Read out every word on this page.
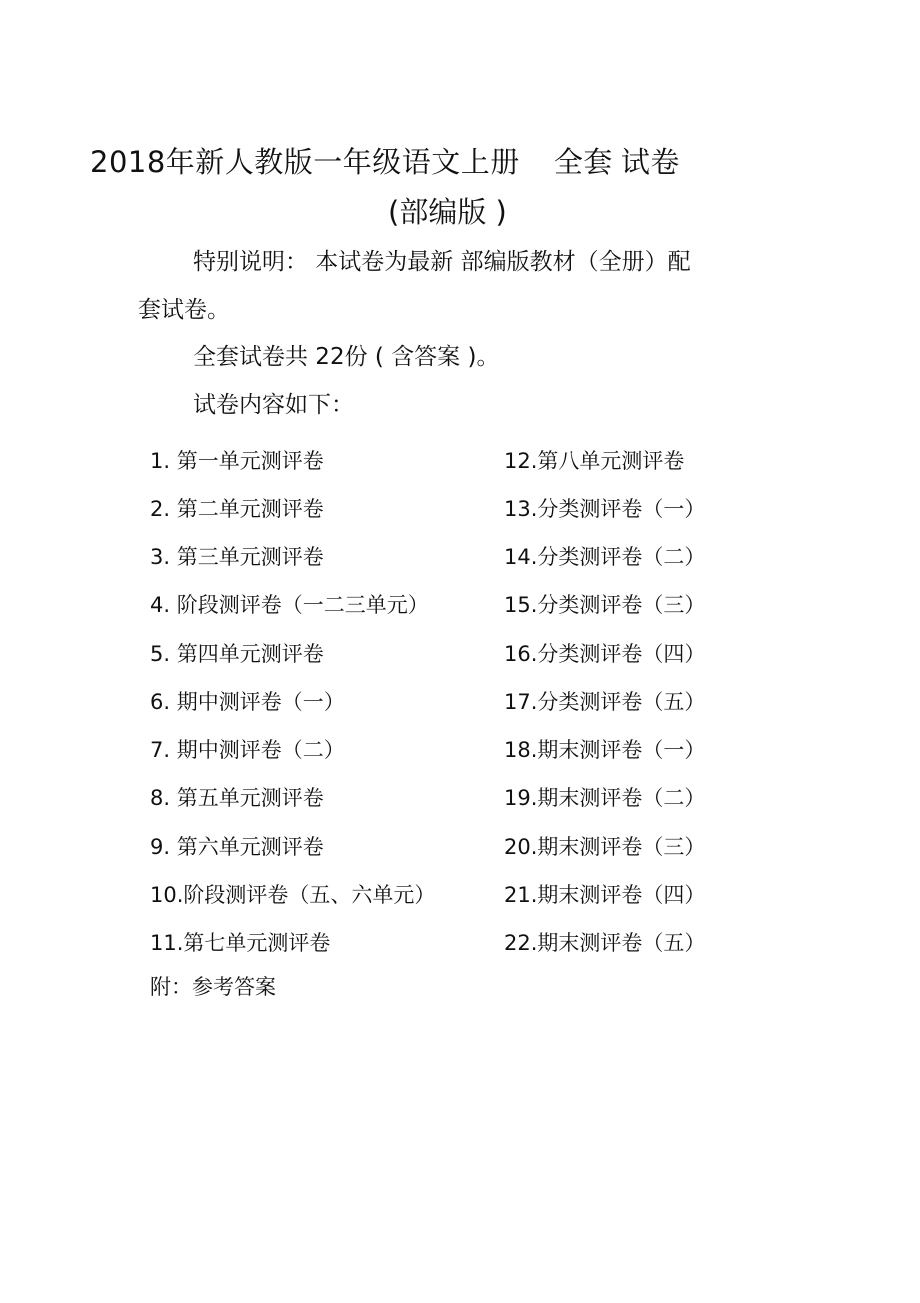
2018年新人教版一年级语文上册 全套 试卷
(部编版 )
特别说明： 本试卷为最新 部编版教材（全册）配
套试卷。
全套试卷共 22份 ( 含答案 )。
试卷内容如下：
1. 第一单元测评卷
2. 第二单元测评卷
3. 第三单元测评卷
4. 阶段测评卷（一二三单元）
5. 第四单元测评卷
6. 期中测评卷（一）
7. 期中测评卷（二）
8. 第五单元测评卷
9. 第六单元测评卷
10.阶段测评卷（五、六单元）
11.第七单元测评卷
12.第八单元测评卷
13.分类测评卷（一）
14.分类测评卷（二）
15.分类测评卷（三）
16.分类测评卷（四）
17.分类测评卷（五）
18.期末测评卷（一）
19.期末测评卷（二）
20.期末测评卷（三）
21.期末测评卷（四）
22.期末测评卷（五）
附：参考答案
